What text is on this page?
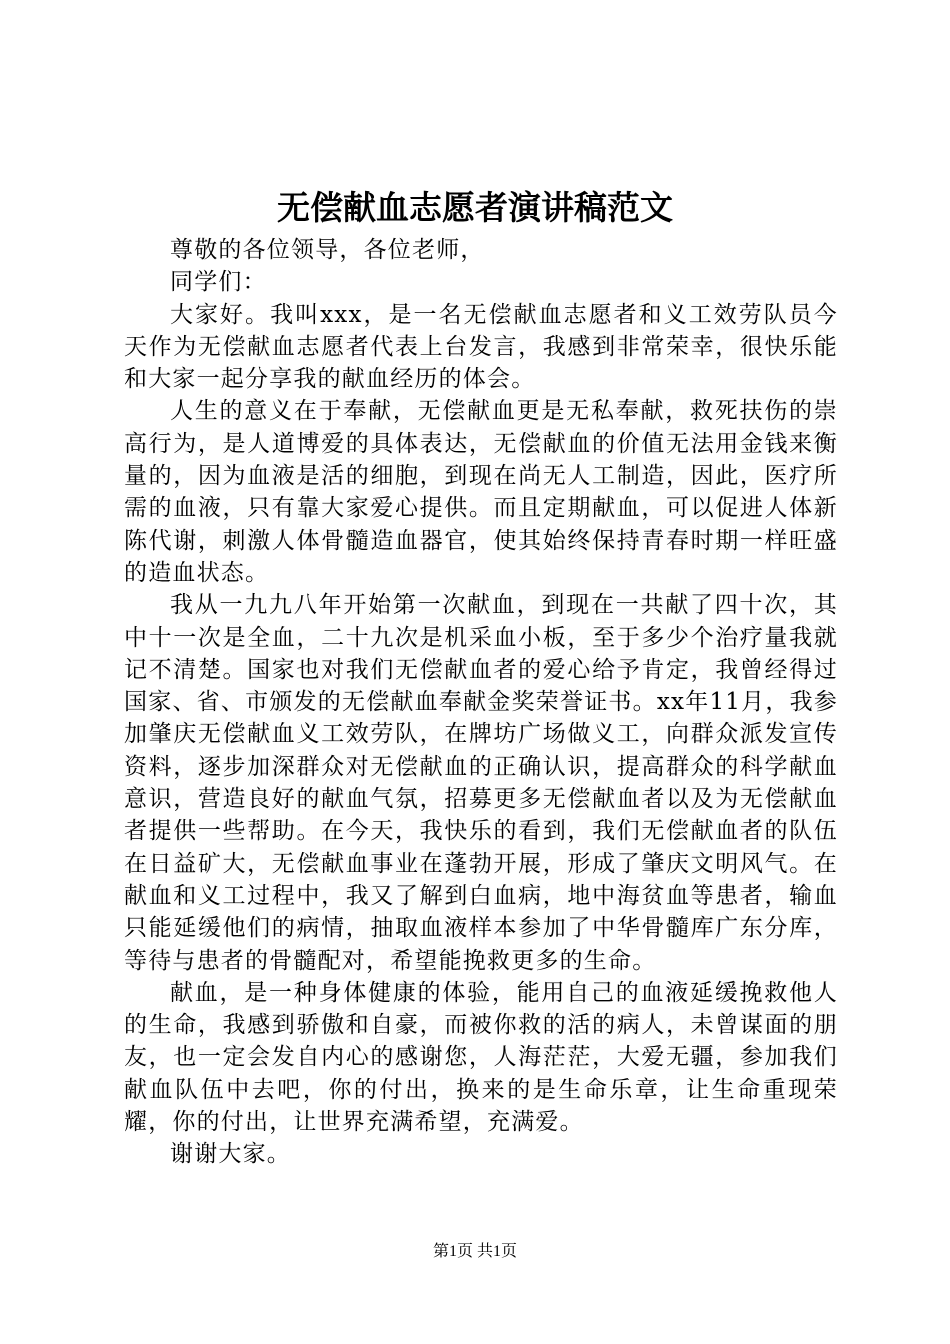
无偿献血志愿者演讲稿范文

尊敬的各位领导，各位老师，

同学们：

大家好。我叫xxx，是一名无偿献血志愿者和义工效劳队员今天作为无偿献血志愿者代表上台发言，我感到非常荣幸，很快乐能和大家一起分享我的献血经历的体会。

人生的意义在于奉献，无偿献血更是无私奉献，救死扶伤的崇高行为，是人道博爱的具体表达，无偿献血的价值无法用金钱来衡量的，因为血液是活的细胞，到现在尚无人工制造，因此，医疗所需的血液，只有靠大家爱心提供。而且定期献血，可以促进人体新陈代谢，刺激人体骨髓造血器官，使其始终保持青春时期一样旺盛的造血状态。

我从一九九八年开始第一次献血，到现在一共献了四十次，其中十一次是全血，二十九次是机采血小板，至于多少个治疗量我就记不清楚。国家也对我们无偿献血者的爱心给予肯定，我曾经得过国家、省、市颁发的无偿献血奉献金奖荣誉证书。xx年11月，我参加肇庆无偿献血义工效劳队，在牌坊广场做义工，向群众派发宣传资料，逐步加深群众对无偿献血的正确认识，提高群众的科学献血意识，营造良好的献血气氛，招募更多无偿献血者以及为无偿献血者提供一些帮助。在今天，我快乐的看到，我们无偿献血者的队伍在日益矿大，无偿献血事业在蓬勃开展，形成了肇庆文明风气。在献血和义工过程中，我又了解到白血病，地中海贫血等患者，输血只能延缓他们的病情，抽取血液样本参加了中华骨髓库广东分库，等待与患者的骨髓配对，希望能挽救更多的生命。

献血，是一种身体健康的体验，能用自己的血液延缓挽救他人的生命，我感到骄傲和自豪，而被你救的活的病人，未曾谋面的朋友，也一定会发自内心的感谢您，人海茫茫，大爱无疆，参加我们献血队伍中去吧，你的付出，换来的是生命乐章，让生命重现荣耀，你的付出，让世界充满希望，充满爱。

谢谢大家。

第1页 共1页
